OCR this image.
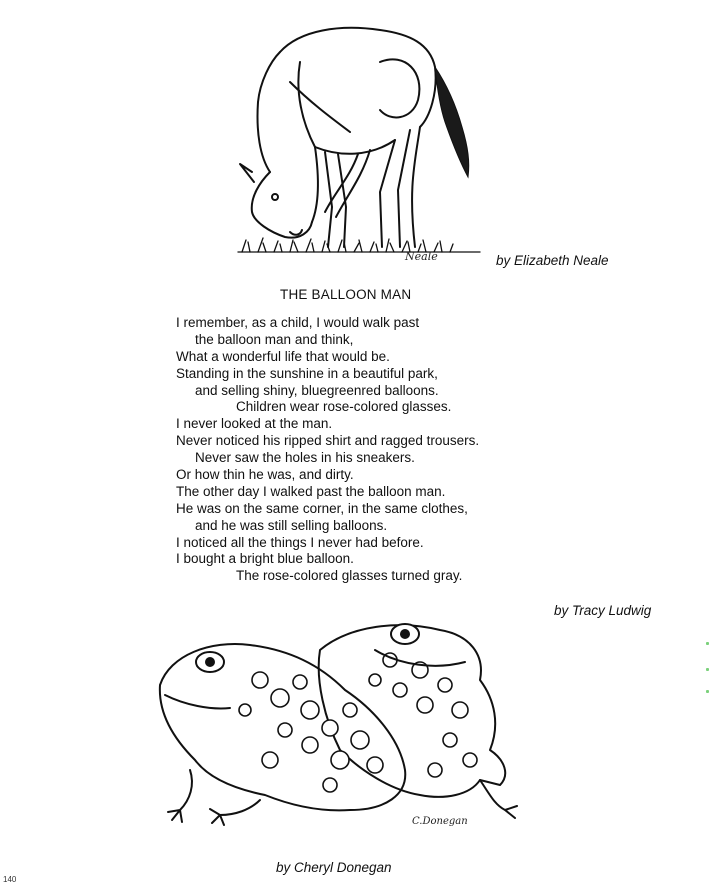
Neale	by Elizabeth Neale
THE BALLOON MAN
I remember, as a child, I would walk past
the balloon man and think,
What a wonderful life that would be.
Standing in the sunshine in a beautiful park,
and selling shiny, bluegreenred balloons.
Children wear rose-colored glasses.
I never looked at the man.
Never noticed his ripped shirt and ragged trousers.
Never saw the holes in his sneakers.
Or how thin he was, and dirty.
The other day I walked past the balloon man.
He was on the same corner, in the same clothes,
and he was still selling balloons.
I noticed all the things I never had before.
I bought a bright blue balloon.
The rose-colored glasses turned gray.
by Tracy Ludwig
C.Donegan
by Cheryl Donegan
140
